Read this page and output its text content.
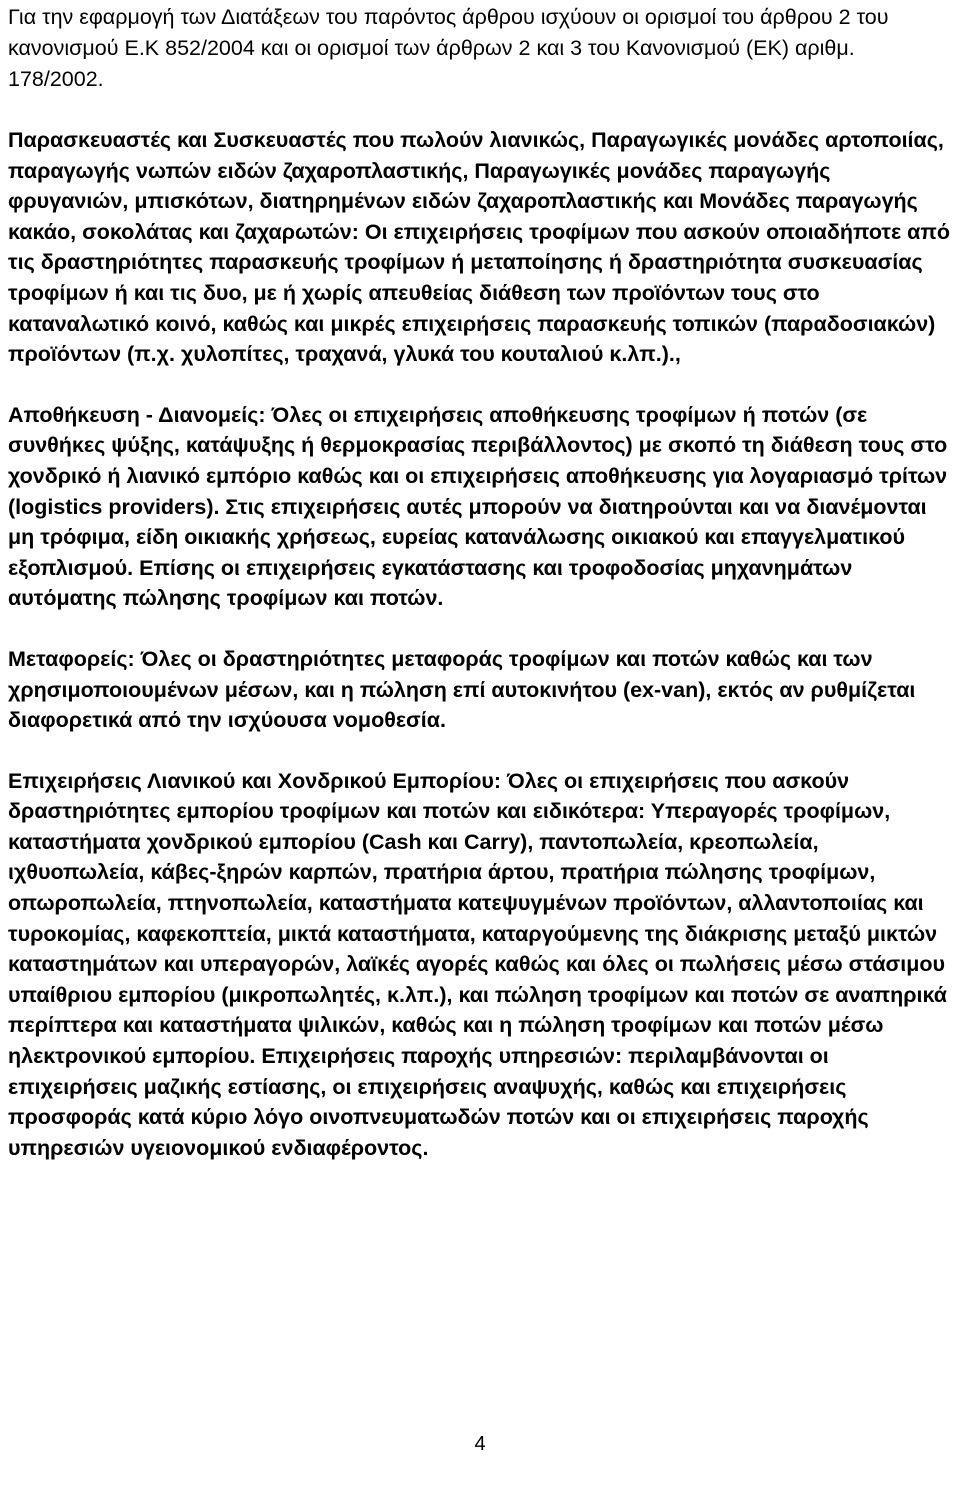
Για την εφαρμογή των Διατάξεων του παρόντος άρθρου ισχύουν οι ορισμοί του άρθρου 2 του κανονισμού Ε.Κ 852/2004 και οι ορισμοί των άρθρων 2 και 3 του Κανονισμού (ΕΚ) αριθμ. 178/2002.

Παρασκευαστές και Συσκευαστές που πωλούν λιανικώς, Παραγωγικές μονάδες αρτοποιίας, παραγωγής νωπών ειδών ζαχαροπλαστικής, Παραγωγικές μονάδες παραγωγής φρυγανιών, μπισκότων, διατηρημένων ειδών ζαχαροπλαστικής και Μονάδες παραγωγής κακάο, σοκολάτας και ζαχαρωτών: Οι επιχειρήσεις τροφίμων που ασκούν οποιαδήποτε από τις δραστηριότητες παρασκευής τροφίμων ή μεταποίησης ή δραστηριότητα συσκευασίας τροφίμων ή και τις δυο, με ή χωρίς απευθείας διάθεση των προϊόντων τους στο καταναλωτικό κοινό, καθώς και μικρές επιχειρήσεις παρασκευής τοπικών (παραδοσιακών) προϊόντων (π.χ. χυλοπίτες, τραχανά, γλυκά του κουταλιού κ.λπ.).,

Αποθήκευση - Διανομείς: Όλες οι επιχειρήσεις αποθήκευσης τροφίμων ή ποτών (σε συνθήκες ψύξης, κατάψυξης ή θερμοκρασίας περιβάλλοντος) με σκοπό τη διάθεση τους στο χονδρικό ή λιανικό εμπόριο καθώς και οι επιχειρήσεις αποθήκευσης για λογαριασμό τρίτων (logistics providers). Στις επιχειρήσεις αυτές μπορούν να διατηρούνται και να διανέμονται μη τρόφιμα, είδη οικιακής χρήσεως, ευρείας κατανάλωσης οικιακού και επαγγελματικού εξοπλισμού. Επίσης οι επιχειρήσεις εγκατάστασης και τροφοδοσίας μηχανημάτων αυτόματης πώλησης τροφίμων και ποτών.

Μεταφορείς: Όλες οι δραστηριότητες μεταφοράς τροφίμων και ποτών καθώς και των χρησιμοποιουμένων μέσων, και η πώληση επί αυτοκινήτου (ex-van), εκτός αν ρυθμίζεται διαφορετικά από την ισχύουσα νομοθεσία.

Επιχειρήσεις Λιανικού και Χονδρικού Εμπορίου: Όλες οι επιχειρήσεις που ασκούν δραστηριότητες εμπορίου τροφίμων και ποτών και ειδικότερα: Υπεραγορές τροφίμων, καταστήματα χονδρικού εμπορίου (Cash και Carry), παντοπωλεία, κρεοπωλεία, ιχθυοπωλεία, κάβες-ξηρών καρπών, πρατήρια άρτου, πρατήρια πώλησης τροφίμων, οπωροπωλεία, πτηνοπωλεία, καταστήματα κατεψυγμένων προϊόντων, αλλαντοποιίας και τυροκομίας, καφεκοπτεία, μικτά καταστήματα, καταργούμενης της διάκρισης μεταξύ μικτών καταστημάτων και υπεραγορών, λαϊκές αγορές καθώς και όλες οι πωλήσεις μέσω στάσιμου υπαίθριου εμπορίου (μικροπωλητές, κ.λπ.), και πώληση τροφίμων και ποτών σε αναπηρικά περίπτερα και καταστήματα ψιλικών, καθώς και η πώληση τροφίμων και ποτών μέσω ηλεκτρονικού εμπορίου. Επιχειρήσεις παροχής υπηρεσιών: περιλαμβάνονται οι επιχειρήσεις μαζικής εστίασης, οι επιχειρήσεις αναψυχής, καθώς και επιχειρήσεις προσφοράς κατά κύριο λόγο οινοπνευματωδών ποτών και οι επιχειρήσεις παροχής υπηρεσιών υγειονομικού ενδιαφέροντος.

4
